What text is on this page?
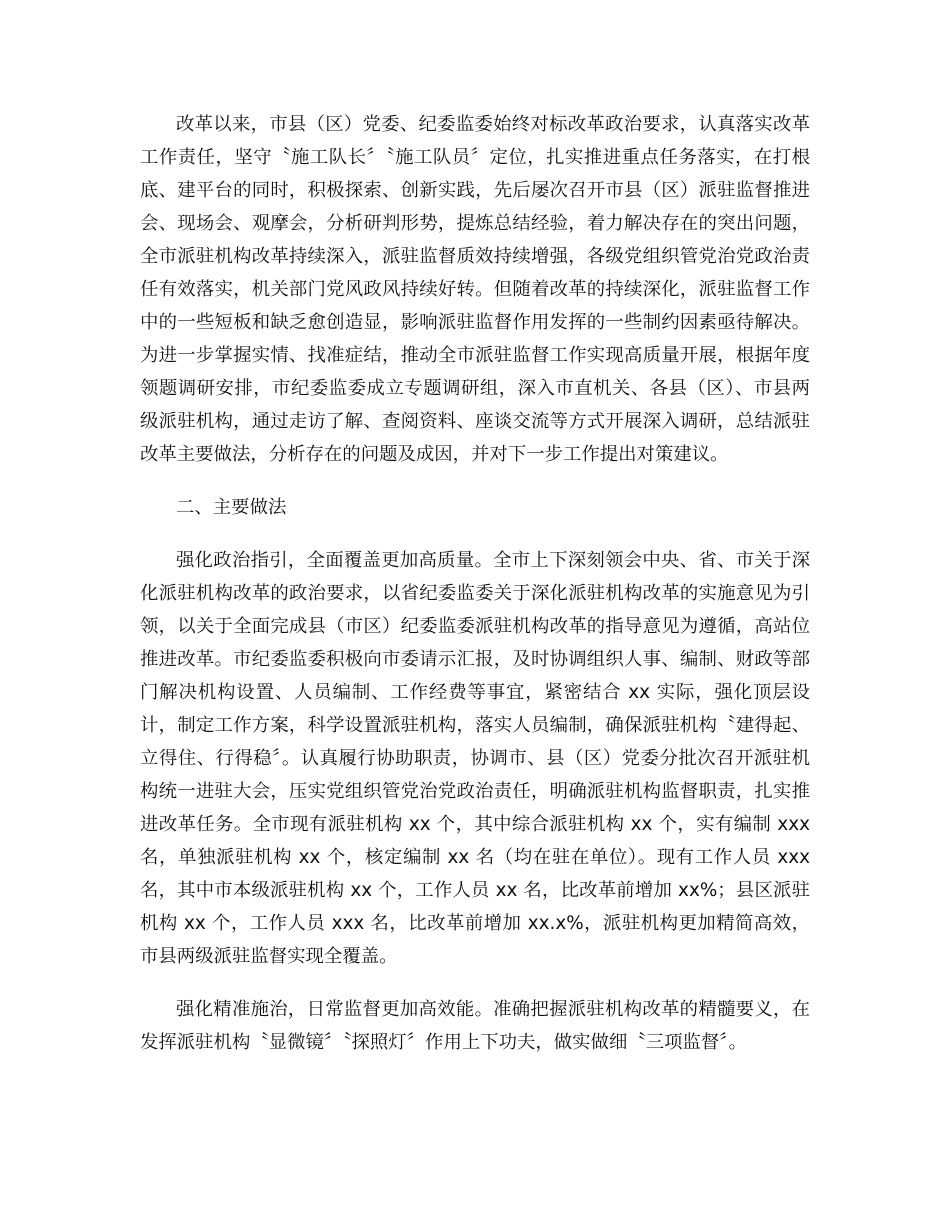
改革以来，市县（区）党委、纪委监委始终对标改革政治要求，认真落实改革工作责任，坚守〝施工队长〞〝施工队员〞定位，扎实推进重点任务落实，在打根底、建平台的同时，积极探索、创新实践，先后屡次召开市县（区）派驻监督推进会、现场会、观摩会，分析研判形势，提炼总结经验，着力解决存在的突出问题，全市派驻机构改革持续深入，派驻监督质效持续增强，各级党组织管党治党政治责任有效落实，机关部门党风政风持续好转。但随着改革的持续深化，派驻监督工作中的一些短板和缺乏愈创造显，影响派驻监督作用发挥的一些制约因素亟待解决。为进一步掌握实情、找准症结，推动全市派驻监督工作实现高质量开展，根据年度领题调研安排，市纪委监委成立专题调研组，深入市直机关、各县（区）、市县两级派驻机构，通过走访了解、查阅资料、座谈交流等方式开展深入调研，总结派驻改革主要做法，分析存在的问题及成因，并对下一步工作提出对策建议。

二、主要做法

强化政治指引，全面覆盖更加高质量。全市上下深刻领会中央、省、市关于深化派驻机构改革的政治要求，以省纪委监委关于深化派驻机构改革的实施意见为引领，以关于全面完成县（市区）纪委监委派驻机构改革的指导意见为遵循，高站位推进改革。市纪委监委积极向市委请示汇报，及时协调组织人事、编制、财政等部门解决机构设置、人员编制、工作经费等事宜，紧密结合 xx 实际，强化顶层设计，制定工作方案，科学设置派驻机构，落实人员编制，确保派驻机构〝建得起、立得住、行得稳〞。认真履行协助职责，协调市、县（区）党委分批次召开派驻机构统一进驻大会，压实党组织管党治党政治责任，明确派驻机构监督职责，扎实推进改革任务。全市现有派驻机构 xx 个，其中综合派驻机构 xx 个，实有编制 xxx 名，单独派驻机构 xx 个，核定编制 xx 名（均在驻在单位）。现有工作人员 xxx 名，其中市本级派驻机构 xx 个，工作人员 xx 名，比改革前增加 xx%；县区派驻机构 xx 个，工作人员 xxx 名，比改革前增加 xx.x%，派驻机构更加精简高效，市县两级派驻监督实现全覆盖。

强化精准施治，日常监督更加高效能。准确把握派驻机构改革的精髓要义，在发挥派驻机构〝显微镜〞〝探照灯〞作用上下功夫，做实做细〝三项监督〞。
